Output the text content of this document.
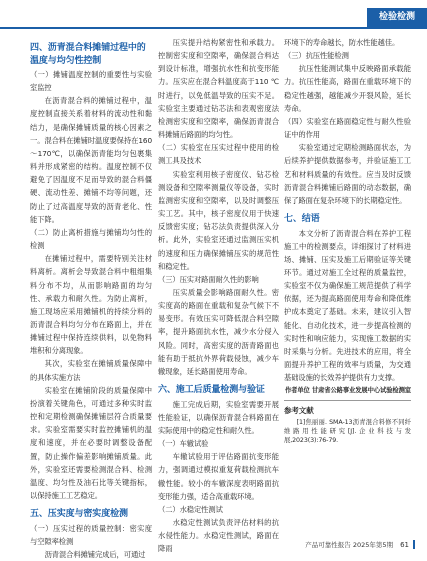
检验检测
四、沥青混合料摊铺过程中的温度与均匀性控制

（一）摊铺温度控制的重要性与实验室监控

在沥青混合料的摊铺过程中，温度控制直接关系着材料的流动性和黏结力，是确保摊铺质量的核心因素之一。混合料在摊铺时温度要保持在160～170℃，以确保沥青能均匀包裹集料并形成紧密的结构。温度控制不仅避免了因温度不足而导致的混合料僵硬、流动性差、摊铺不均等问题，还防止了过高温度导致的沥青老化、性能下降。

（二）防止离析措施与摊铺均匀性的检测

在摊铺过程中，需要特别关注材料离析。离析会导致混合料中粗细集料分布不均，从而影响路面的均匀性、承载力和耐久性。为防止离析，施工现场应采用摊铺机的持续分料的沥青混合料均匀分布在路面上，并在摊铺过程中保持连续供料，以免物料堆积和分离现象。

其次，实验室在摊铺质量保障中的具体实施方法

实验室在摊铺阶段的质量保障中扮演着关键角色，可通过多种实时监控和定期检测确保摊铺层符合质量要求。实验室需要实时监控摊铺机的温度和速度，并在必要时调整设备配置，防止操作偏差影响摊铺质量。此外，实验室还需要检测混合料、检测温度、均匀性及油石比等关键指标，以保持施工工艺稳定。

五、压实度与密实度检测

（一）压实过程的质量控制：密实度与空隙率检测

沥青混合料摊铺完成后，可通过

压实提升结构紧密性和承载力。控制密实度和空隙率，确保混合料达到设计标准，增强抗水性和抗变形能力。压实应在混合料温度高于110 ℃时进行，以免低温导致的压实不足。实验室主要通过钻芯法和表观密度法检测密实度和空隙率，确保沥青混合料摊铺后路面的均匀性。

（二）实验室在压实过程中使用的检测工具及技术

实验室利用核子密度仪、钻芯检测设备和空隙率测量仪等设备，实时监测密实度和空隙率，以及时调整压实工艺。其中，核子密度仪用于快速反馈密实度；钻芯法负责提供深入分析。此外，实验室还通过监测压实机的速度和压力确保摊铺压实的规范性和稳定性。

（三）压实对路面耐久性的影响

压实质量会影响路面耐久性。密实度高的路面在重载和复杂气候下不易变形。有效压实可降低混合料空隙率，提升路面抗水性，减少水分侵入风险。同时，高密实度的沥青路面也能有助于抵抗外界荷载侵蚀，减少车辙现象，延长路面使用寿命。

六、施工后质量检测与验证

施工完成后期，实验室需要开展性能验证，以确保沥青混合料路面在实际使用中的稳定性和耐久性。

（一）车辙试验

车辙试验用于评估路面抗变形能力，强调通过模拟重复荷载检测抗车辙性能。较小的车辙深度表明路面抗变形能力强，适合高重载环境。

（二）水稳定性测试

水稳定性测试负责评估材料的抗水侵性能力。水稳定性测试，路面在降雨

环境下的寿命越长，防水性能越佳。

（三）抗压性能检测

抗压性能测试集中反映路面承载能力。抗压性能高，路面在重载环境下的稳定性越强，越能减少开裂风险，延长寿命。

（四）实验室在路面稳定性与耐久性验证中的作用

实验室通过定期检测路面状态，为后续养护提供数据参考，并验证施工工艺和材料质量的有效性。应当及时反馈沥青混合料摊铺后路面的动态数据，确保了路面在复杂环境下的长期稳定性。

七、结语

本文分析了沥青混合料在养护工程施工中的检测要点，详细探讨了材料进场、摊铺、压实及施工后期验证等关键环节。通过对施工全过程的质量监控，实验室不仅为确保施工规范提供了科学依据，还为提高路面使用寿命和降低维护成本奠定了基础。未来，建议引入智能化、自动化技术，进一步提高检测的实时性和响应能力，实现施工数据的实时采集与分析。先进技术的应用，将全面提升养护工程的效率与质量，为交通基础设施的长效养护提供有力支撑。

作者单位 甘肃省公路事业发展中心试验检测室
参考文献

[1]焦丽丽. SMA-13沥青混合料修不同纤维路用性能研究[J].企业科技与发展,2023(3):76-79.

产品可靠性报告 2025年第5期 61
